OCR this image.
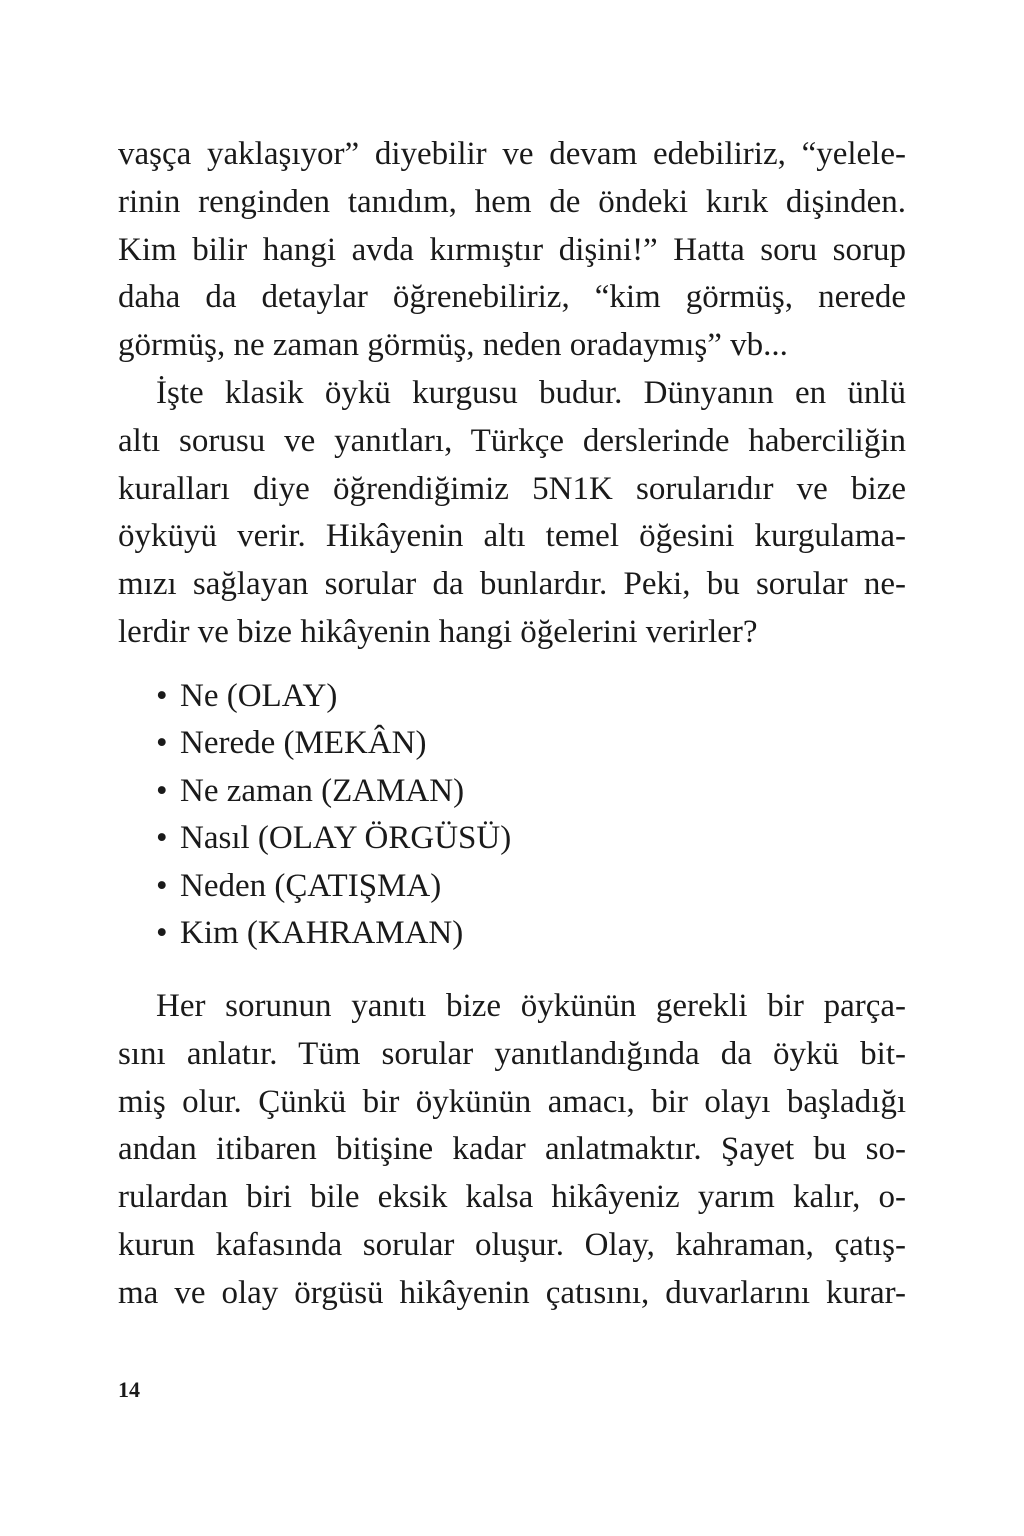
vaşça yaklaşıyor” diyebilir ve devam edebiliriz, “yelele-
rinin renginden tanıdım, hem de öndeki kırık dişinden.
Kim bilir hangi avda kırmıştır dişini!” Hatta soru sorup
daha da detaylar öğrenebiliriz, “kim görmüş, nerede
görmüş, ne zaman görmüş, neden oradaymış” vb...
İşte klasik öykü kurgusu budur. Dünyanın en ünlü
altı sorusu ve yanıtları, Türkçe derslerinde haberciliğin
kuralları diye öğrendiğimiz 5N1K sorularıdır ve bize
öyküyü verir. Hikâyenin altı temel öğesini kurgulama-
mızı sağlayan sorular da bunlardır. Peki, bu sorular ne-
lerdir ve bize hikâyenin hangi öğelerini verirler?
• Ne (OLAY)
• Nerede (MEKÂN)
• Ne zaman (ZAMAN)
• Nasıl (OLAY ÖRGÜSÜ)
• Neden (ÇATIŞMA)
• Kim (KAHRAMAN)
Her sorunun yanıtı bize öykünün gerekli bir parça-
sını anlatır. Tüm sorular yanıtlandığında da öykü bit-
miş olur. Çünkü bir öykünün amacı, bir olayı başladığı
andan itibaren bitişine kadar anlatmaktır. Şayet bu so-
rulardan biri bile eksik kalsa hikâyeniz yarım kalır, o-
kurun kafasında sorular oluşur. Olay, kahraman, çatış-
ma ve olay örgüsü hikâyenin çatısını, duvarlarını kurar-
14
